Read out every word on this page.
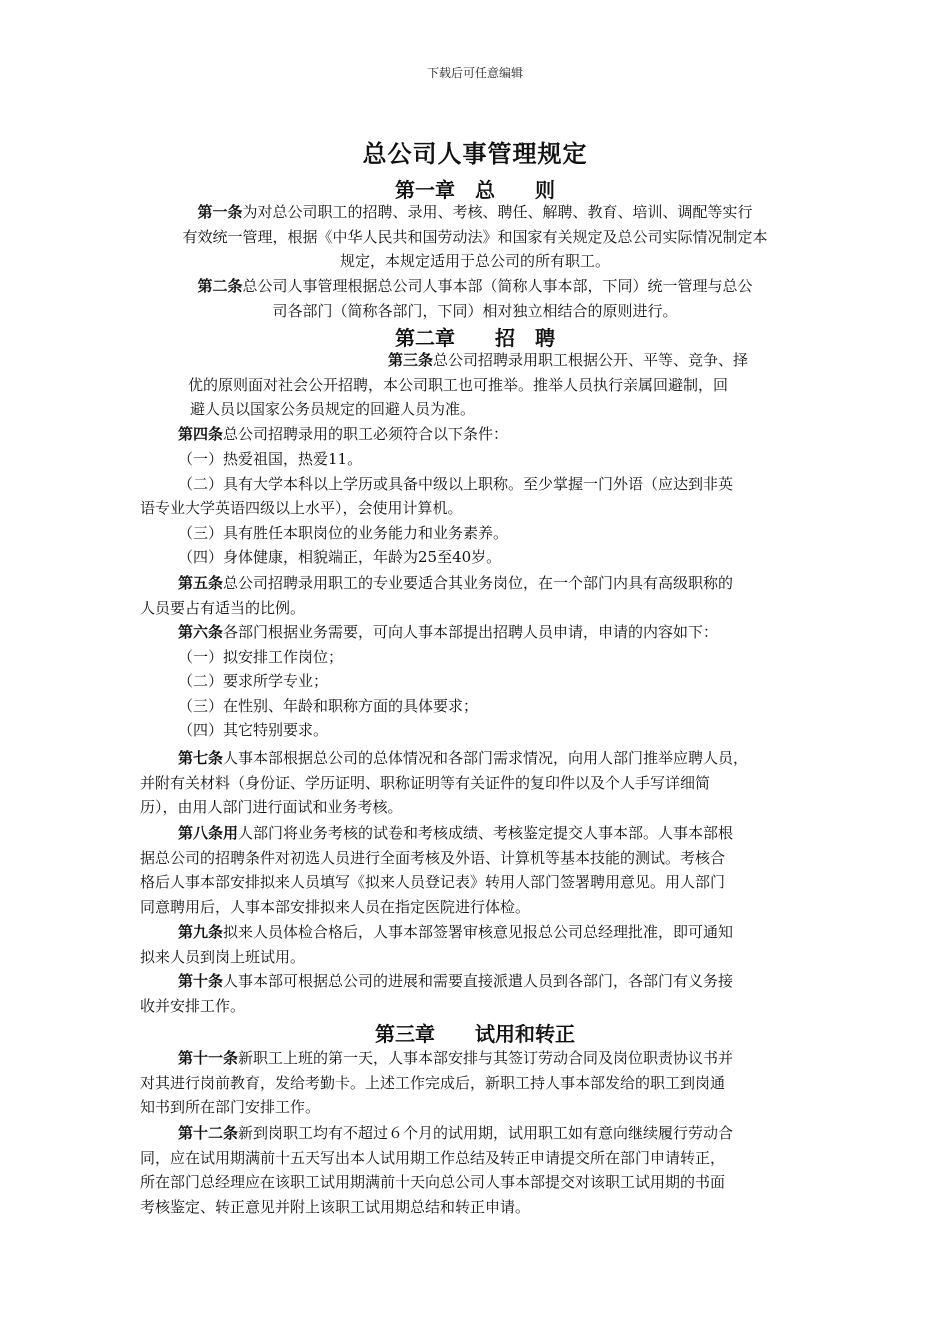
下载后可任意编辑
总公司人事管理规定
第一章　总　　则
第一条为对总公司职工的招聘、录用、考核、聘任、解聘、教育、培训、调配等实行
有效统一管理，根据《中华人民共和国劳动法》和国家有关规定及总公司实际情况制定本
规定，本规定适用于总公司的所有职工。
第二条总公司人事管理根据总公司人事本部（简称人事本部，下同）统一管理与总公
司各部门（简称各部门，下同）相对独立相结合的原则进行。
第二章　　招　聘
第三条总公司招聘录用职工根据公开、平等、竞争、择
优的原则面对社会公开招聘，本公司职工也可推举。推举人员执行亲属回避制，回
避人员以国家公务员规定的回避人员为准。
第四条总公司招聘录用的职工必须符合以下条件：
（一）热爱祖国，热爱11。
（二）具有大学本科以上学历或具备中级以上职称。至少掌握一门外语（应达到非英
语专业大学英语四级以上水平），会使用计算机。
（三）具有胜任本职岗位的业务能力和业务素养。
（四）身体健康，相貌端正，年龄为25至40岁。
第五条总公司招聘录用职工的专业要适合其业务岗位，在一个部门内具有高级职称的
人员要占有适当的比例。
第六条各部门根据业务需要，可向人事本部提出招聘人员申请，申请的内容如下：
（一）拟安排工作岗位；
（二）要求所学专业；
（三）在性别、年龄和职称方面的具体要求；
（四）其它特别要求。
第七条人事本部根据总公司的总体情况和各部门需求情况，向用人部门推举应聘人员，
并附有关材料（身份证、学历证明、职称证明等有关证件的复印件以及个人手写详细简
历），由用人部门进行面试和业务考核。
第八条用人部门将业务考核的试卷和考核成绩、考核鉴定提交人事本部。人事本部根
据总公司的招聘条件对初选人员进行全面考核及外语、计算机等基本技能的测试。考核合
格后人事本部安排拟来人员填写《拟来人员登记表》转用人部门签署聘用意见。用人部门
同意聘用后，人事本部安排拟来人员在指定医院进行体检。
第九条拟来人员体检合格后，人事本部签署审核意见报总公司总经理批准，即可通知
拟来人员到岗上班试用。
第十条人事本部可根据总公司的进展和需要直接派遣人员到各部门，各部门有义务接
收并安排工作。
第三章　　试用和转正
第十一条新职工上班的第一天，人事本部安排与其签订劳动合同及岗位职责协议书并
对其进行岗前教育，发给考勤卡。上述工作完成后，新职工持人事本部发给的职工到岗通
知书到所在部门安排工作。
第十二条新到岗职工均有不超过６个月的试用期，试用职工如有意向继续履行劳动合
同，应在试用期满前十五天写出本人试用期工作总结及转正申请提交所在部门申请转正，
所在部门总经理应在该职工试用期满前十天向总公司人事本部提交对该职工试用期的书面
考核鉴定、转正意见并附上该职工试用期总结和转正申请。
